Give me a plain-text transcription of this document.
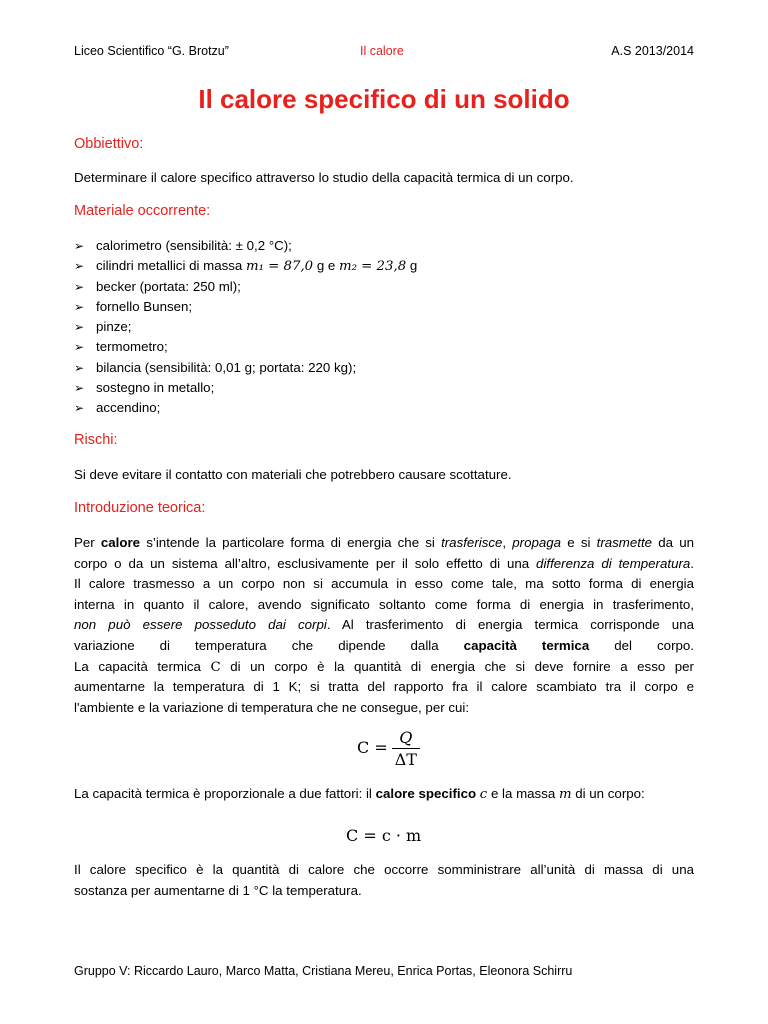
Liceo Scientifico “G. Brotzu”	Il calore	A.S 2013/2014
Il calore specifico di un solido
Obbiettivo:
Determinare il calore specifico attraverso lo studio della capacità termica di un corpo.
Materiale occorrente:
➢ calorimetro (sensibilità: ± 0,2 °C);
➢ cilindri metallici di massa m₁ = 87,0 g e m₂ = 23,8 g
➢ becker (portata: 250 ml);
➢ fornello Bunsen;
➢ pinze;
➢ termometro;
➢ bilancia (sensibilità: 0,01 g; portata: 220 kg);
➢ sostegno in metallo;
➢ accendino;
Rischi:
Si deve evitare il contatto con materiali che potrebbero causare scottature.
Introduzione teorica:
Per calore s’intende la particolare forma di energia che si trasferisce, propaga e si trasmette da un
corpo o da un sistema all’altro, esclusivamente per il solo effetto di una differenza di temperatura.
Il calore trasmesso a un corpo non si accumula in esso come tale, ma sotto forma di energia
interna in quanto il calore, avendo significato soltanto come forma di energia in trasferimento,
non può essere posseduto dai corpi. Al trasferimento di energia termica corrisponde una
variazione di temperatura che dipende dalla capacità termica del corpo.
La capacità termica C di un corpo è la quantità di energia che si deve fornire a esso per
aumentarne la temperatura di 1 K; si tratta del rapporto fra il calore scambiato tra il corpo e
l'ambiente e la variazione di temperatura che ne consegue, per cui:
$C = \frac{Q}{\Delta T}$
La capacità termica è proporzionale a due fattori: il calore specifico c e la massa m di un corpo:
C = c · m
Il calore specifico è la quantità di calore che occorre somministrare all’unità di massa di una
sostanza per aumentarne di 1 °C la temperatura.
Gruppo V: Riccardo Lauro, Marco Matta, Cristiana Mereu, Enrica Portas, Eleonora Schirru
